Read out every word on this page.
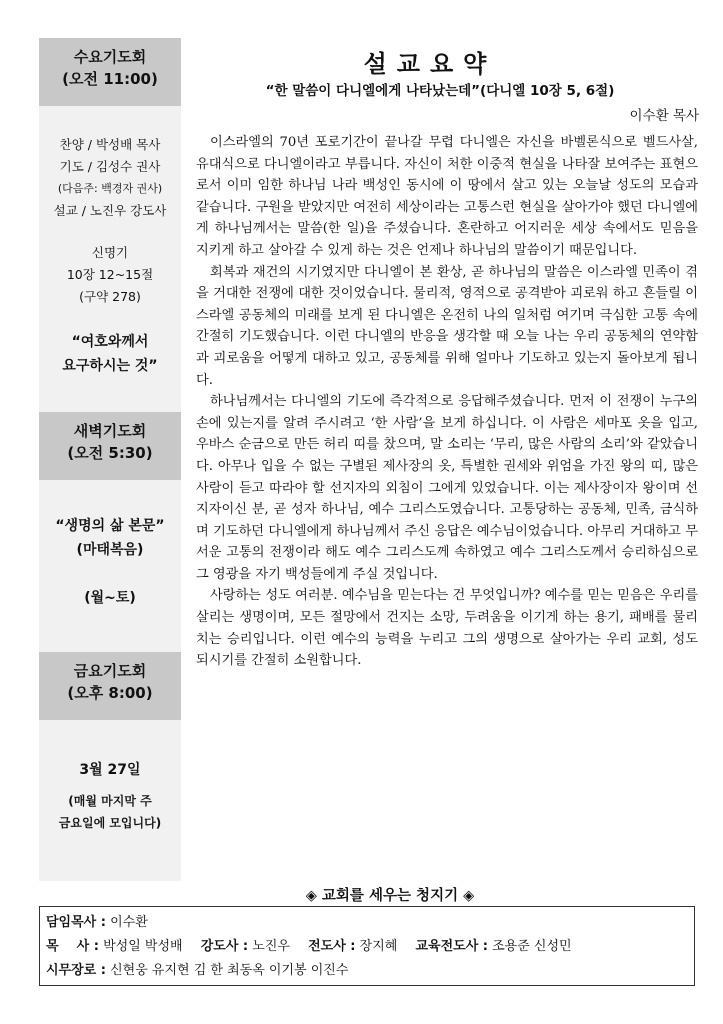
수요기도회
(오전 11:00)
찬양 / 박성배 목사
기도 / 김성수 권사
(다음주: 백경자 권사)
설교 / 노진우 강도사
신명기
10장 12~15절
(구약 278)
“여호와께서
요구하시는 것”
새벽기도회
(오전 5:30)
“생명의 삶 본문”
(마태복음)
(월~토)
금요기도회
(오후 8:00)
3월 27일
(매월 마지막 주
금요일에 모입니다)
설교요약
“한 말씀이 다니엘에게 나타났는데”(다니엘 10장 5, 6절)
이수환 목사

이스라엘의 70년 포로기간이 끝나갈 무렵 다니엘은 자신을 바벨론식으로 벨드사살, 유대식으로 다니엘이라고 부릅니다. 자신이 처한 이중적 현실을 나타잘 보여주는 표현으로서 이미 임한 하나님 나라 백성인 동시에 이 땅에서 살고 있는 오늘날 성도의 모습과 같습니다. 구원을 받았지만 여전히 세상이라는 고통스런 현실을 살아가야 했던 다니엘에게 하나님께서는 말씀(한 일)을 주셨습니다. 혼란하고 어지러운 세상 속에서도 믿음을 지키게 하고 살아갈 수 있게 하는 것은 언제나 하나님의 말씀이기 때문입니다.

회복과 재건의 시기였지만 다니엘이 본 환상, 곧 하나님의 말씀은 이스라엘 민족이 겪을 거대한 전쟁에 대한 것이었습니다. 물리적, 영적으로 공격받아 괴로워 하고 흔들릴 이스라엘 공동체의 미래를 보게 된 다니엘은 온전히 나의 일처럼 여기며 극심한 고통 속에 간절히 기도했습니다. 이런 다니엘의 반응을 생각할 때 오늘 나는 우리 공동체의 연약함과 괴로움을 어떻게 대하고 있고, 공동체를 위해 얼마나 기도하고 있는지 돌아보게 됩니다.

하나님께서는 다니엘의 기도에 즉각적으로 응답해주셨습니다. 먼저 이 전쟁이 누구의 손에 있는지를 알려 주시려고 ‘한 사람’을 보게 하십니다. 이 사람은 세마포 옷을 입고, 우바스 순금으로 만든 허리 띠를 찼으며, 말 소리는 ‘무리, 많은 사람의 소리’와 같았습니다. 아무나 입을 수 없는 구별된 제사장의 옷, 특별한 권세와 위엄을 가진 왕의 띠, 많은 사람이 듣고 따라야 할 선지자의 외침이 그에게 있었습니다. 이는 제사장이자 왕이며 선지자이신 분, 곧 성자 하나님, 예수 그리스도였습니다. 고통당하는 공동체, 민족, 금식하며 기도하던 다니엘에게 하나님께서 주신 응답은 예수님이었습니다. 아무리 거대하고 무서운 고통의 전쟁이라 해도 예수 그리스도께 속하였고 예수 그리스도께서 승리하심으로 그 영광을 자기 백성들에게 주실 것입니다.

사랑하는 성도 여러분. 예수님을 믿는다는 건 무엇입니까? 예수를 믿는 믿음은 우리를 살리는 생명이며, 모든 절망에서 건지는 소망, 두려움을 이기게 하는 용기, 패배를 물리치는 승리입니다. 이런 예수의 능력을 누리고 그의 생명으로 살아가는 우리 교회, 성도 되시기를 간절히 소원합니다.

◈ 교회를 세우는 청지기 ◈
담임목사 : 이수환
목    사 : 박성일 박성배 강도사 : 노진우 전도사 : 장지혜 교육전도사 : 조용준 신성민
시무장로 : 신현웅 유지현 김 한 최동옥 이기봉 이진수
